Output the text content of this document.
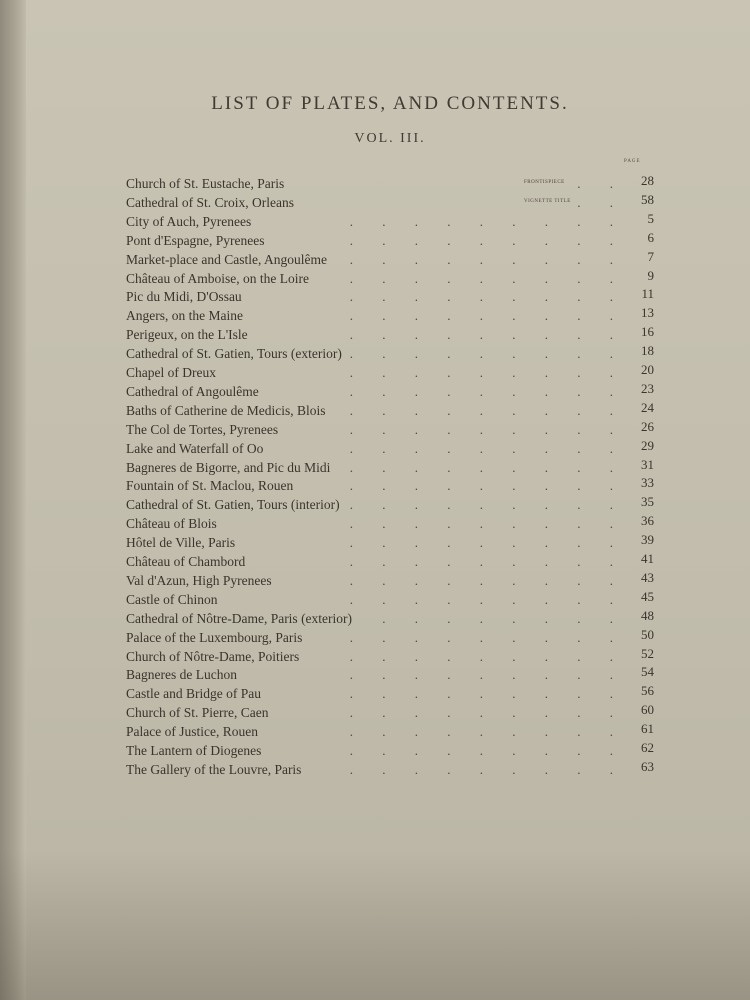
LIST OF PLATES, AND CONTENTS.
VOL. III.
PAGE
Church of St. Eustache, Paris	FRONTISPIECE . . 28
Cathedral of St. Croix, Orleans	VIGNETTE TITLE . . 58
City of Auch, Pyrenees	. . . . . . . . . 5
Pont d'Espagne, Pyrenees	. . . . . . . . . 6
Market-place and Castle, Angoulême . . . . . . . . . 7
Château of Amboise, on the Loire	. . . . . . . . . 9
Pic du Midi, D'Ossau	. . . . . . . . . 11
Angers, on the Maine	. . . . . . . . . 13
Perigeux, on the L'Isle	. . . . . . . . . 16
Cathedral of St. Gatien, Tours (exterior) . . . . . . . . . 18
Chapel of Dreux	. . . . . . . . . 20
Cathedral of Angoulême	. . . . . . . . . 23
Baths of Catherine de Medicis, Blois . . . . . . . . . 24
The Col de Tortes, Pyrenees	. . . . . . . . . 26
Lake and Waterfall of Oo	. . . . . . . . . 29
Bagneres de Bigorre, and Pic du Midi . . . . . . . . . 31
Fountain of St. Maclou, Rouen	. . . . . . . . . 33
Cathedral of St. Gatien, Tours (interior) . . . . . . . . . 35
Château of Blois	. . . . . . . . . 36
Hôtel de Ville, Paris	. . . . . . . . . 39
Château of Chambord	. . . . . . . . . 41
Val d'Azun, High Pyrenees	. . . . . . . . . 43
Castle of Chinon	. . . . . . . . . 45
Cathedral of Nôtre-Dame, Paris (exterior) . . . . . . . . 48
Palace of the Luxembourg, Paris	. . . . . . . . . 50
Church of Nôtre-Dame, Poitiers	. . . . . . . . . 52
Bagneres de Luchon	. . . . . . . . . 54
Castle and Bridge of Pau	. . . . . . . . . 56
Church of St. Pierre, Caen	. . . . . . . . . 60
Palace of Justice, Rouen	. . . . . . . . . 61
The Lantern of Diogenes	. . . . . . . . . 62
The Gallery of the Louvre, Paris	. . . . . . . . . 63
